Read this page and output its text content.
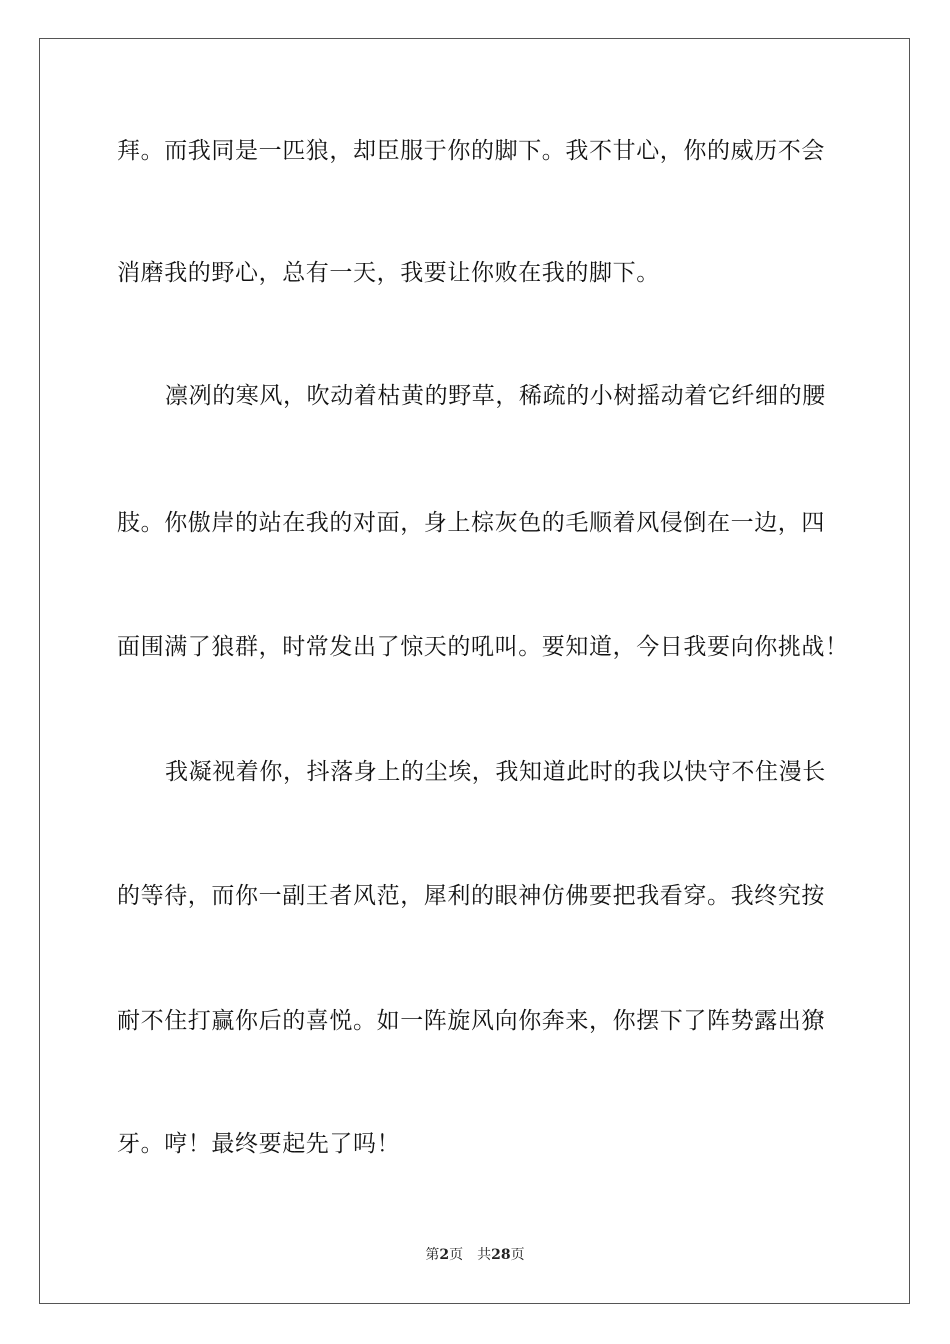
拜。而我同是一匹狼，却臣服于你的脚下。我不甘心，你的威历不会
消磨我的野心，总有一天，我要让你败在我的脚下。
凛冽的寒风，吹动着枯黄的野草，稀疏的小树摇动着它纤细的腰
肢。你傲岸的站在我的对面，身上棕灰色的毛顺着风侵倒在一边，四
面围满了狼群，时常发出了惊天的吼叫。要知道，今日我要向你挑战！
我凝视着你，抖落身上的尘埃，我知道此时的我以快守不住漫长
的等待，而你一副王者风范，犀利的眼神仿佛要把我看穿。我终究按
耐不住打赢你后的喜悦。如一阵旋风向你奔来，你摆下了阵势露出獠
牙。哼！最终要起先了吗！
第2页 共28页
